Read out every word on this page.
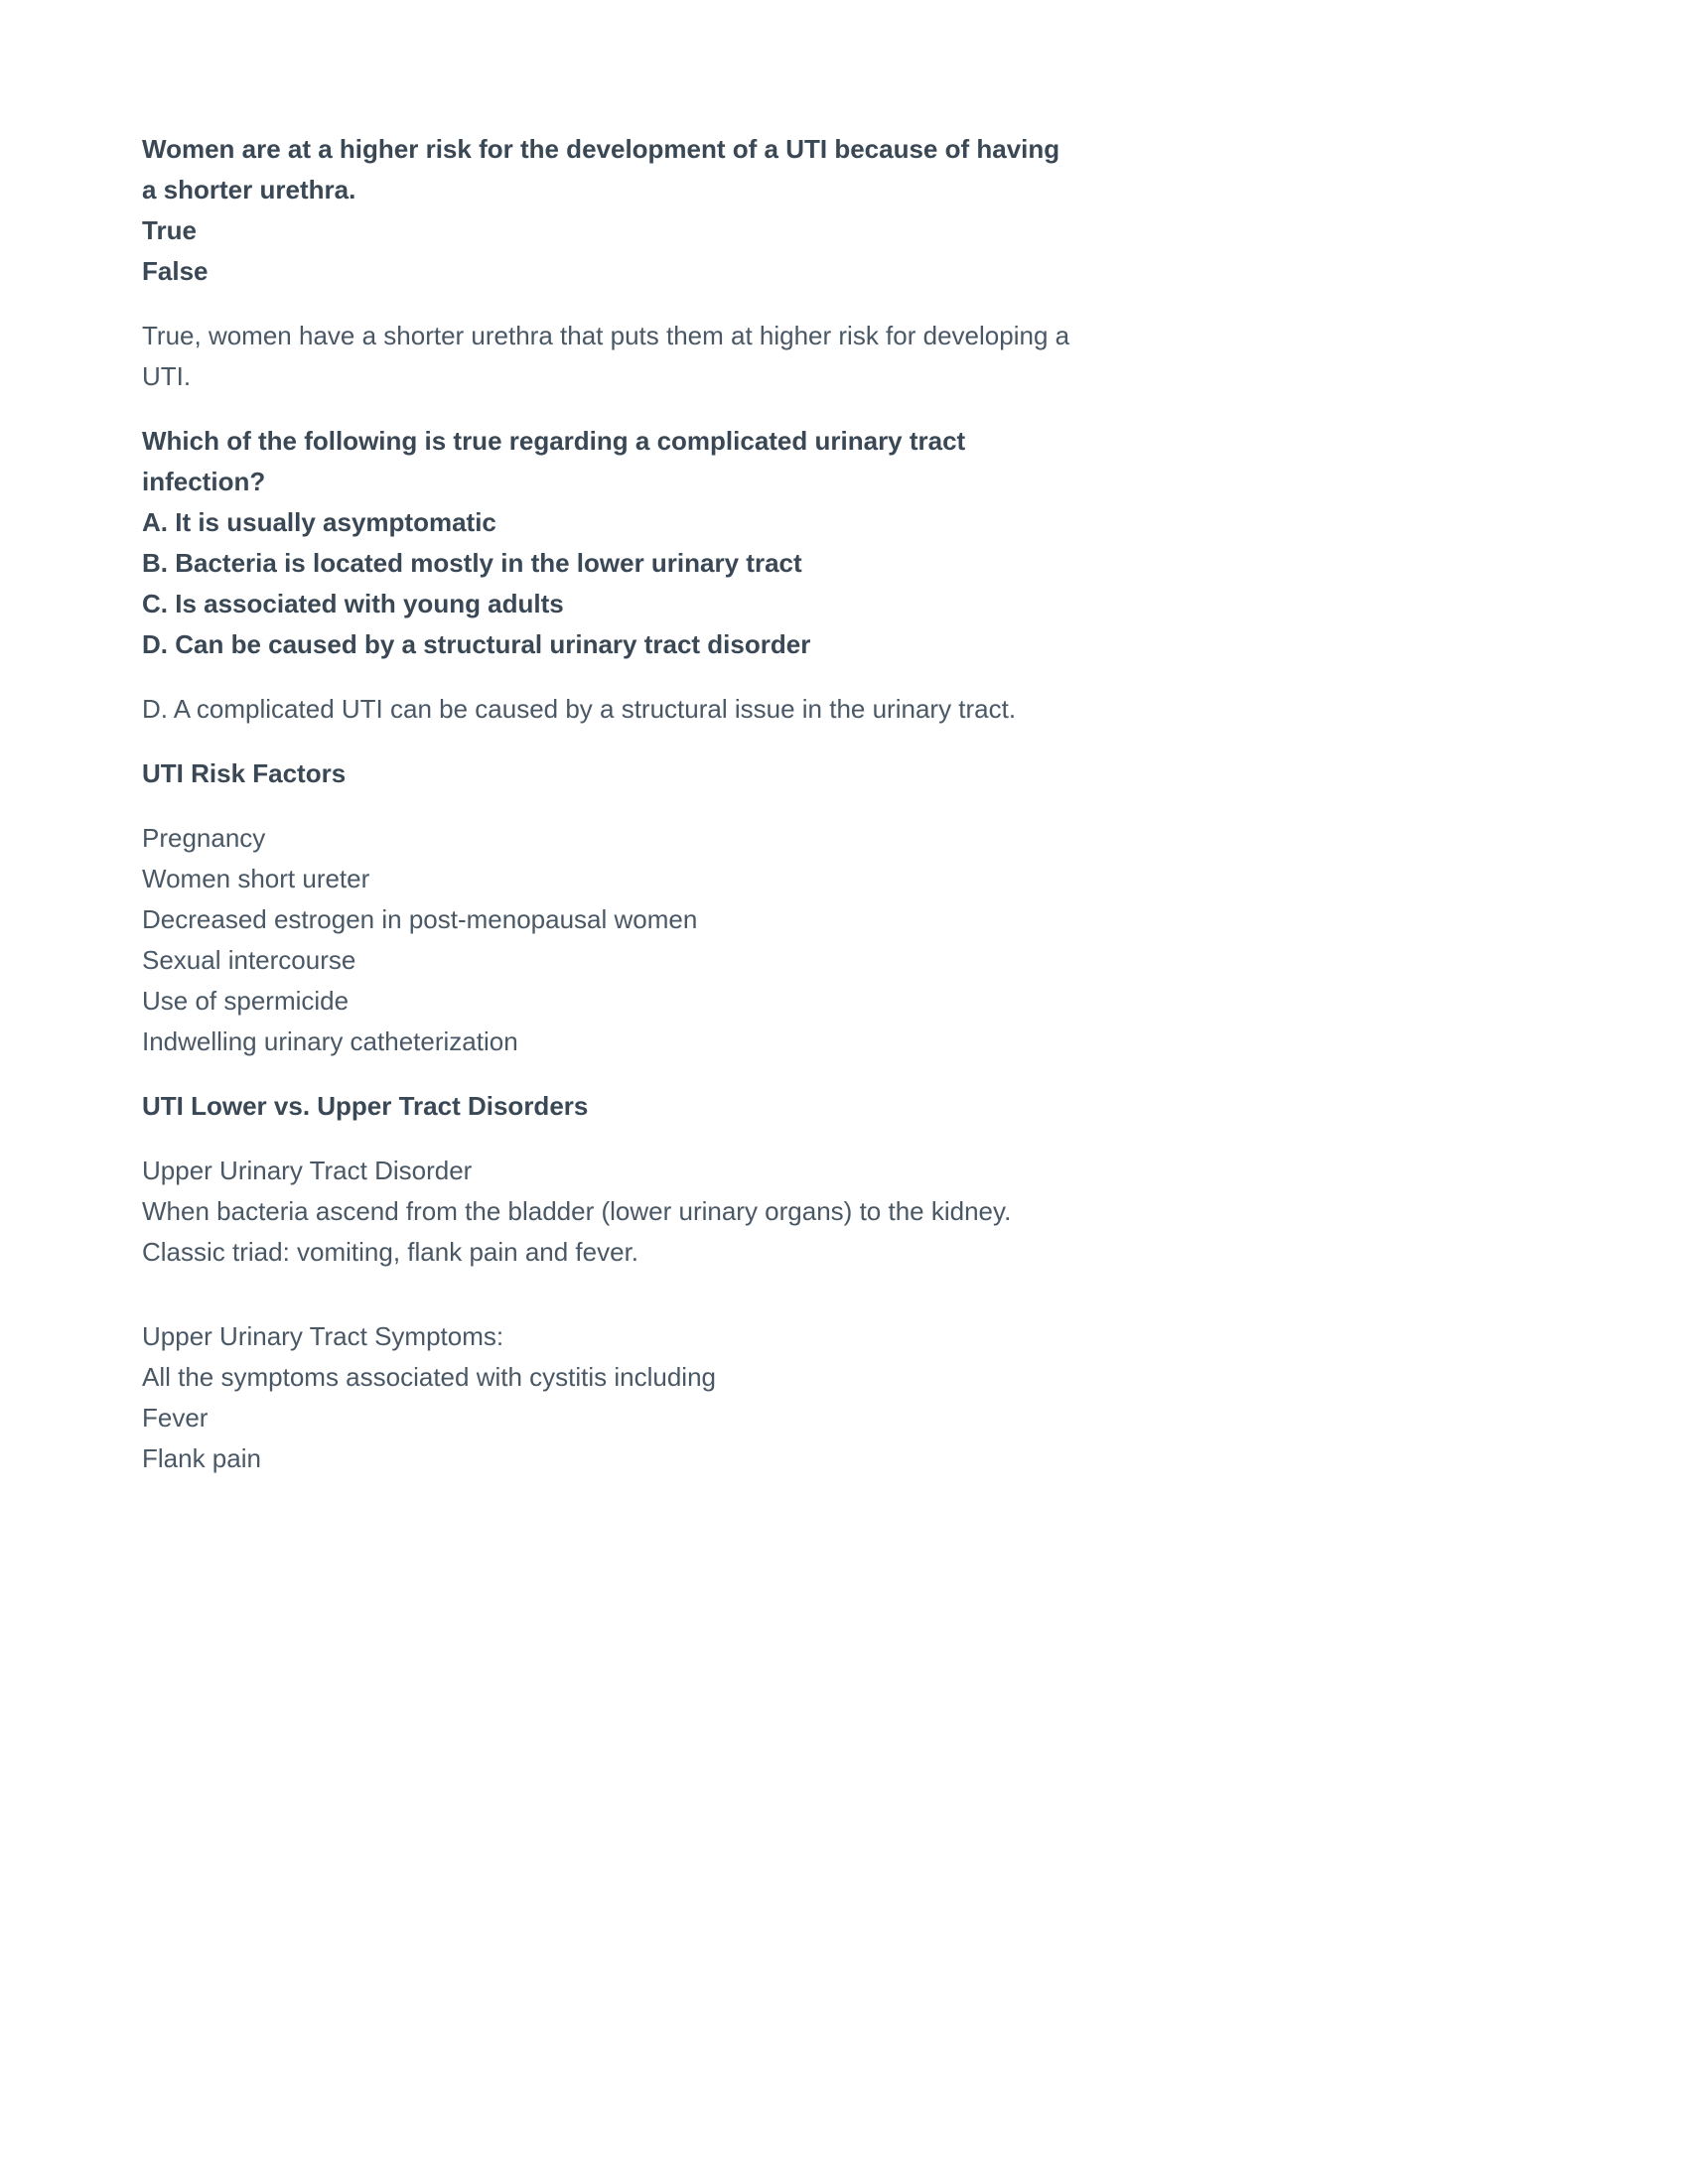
Women are at a higher risk for the development of a UTI because of having a shorter urethra.

True

False

True, women have a shorter urethra that puts them at higher risk for developing a UTI.

Which of the following is true regarding a complicated urinary tract infection?

A. It is usually asymptomatic

B. Bacteria is located mostly in the lower urinary tract

C. Is associated with young adults

D. Can be caused by a structural urinary tract disorder

D. A complicated UTI can be caused by a structural issue in the urinary tract.

UTI Risk Factors

Pregnancy

Women short ureter

Decreased estrogen in post-menopausal women

Sexual intercourse

Use of spermicide

Indwelling urinary catheterization

UTI Lower vs. Upper Tract Disorders

Upper Urinary Tract Disorder

When bacteria ascend from the bladder (lower urinary organs) to the kidney. Classic triad: vomiting, flank pain and fever.

Upper Urinary Tract Symptoms:

All the symptoms associated with cystitis including

Fever

Flank pain
